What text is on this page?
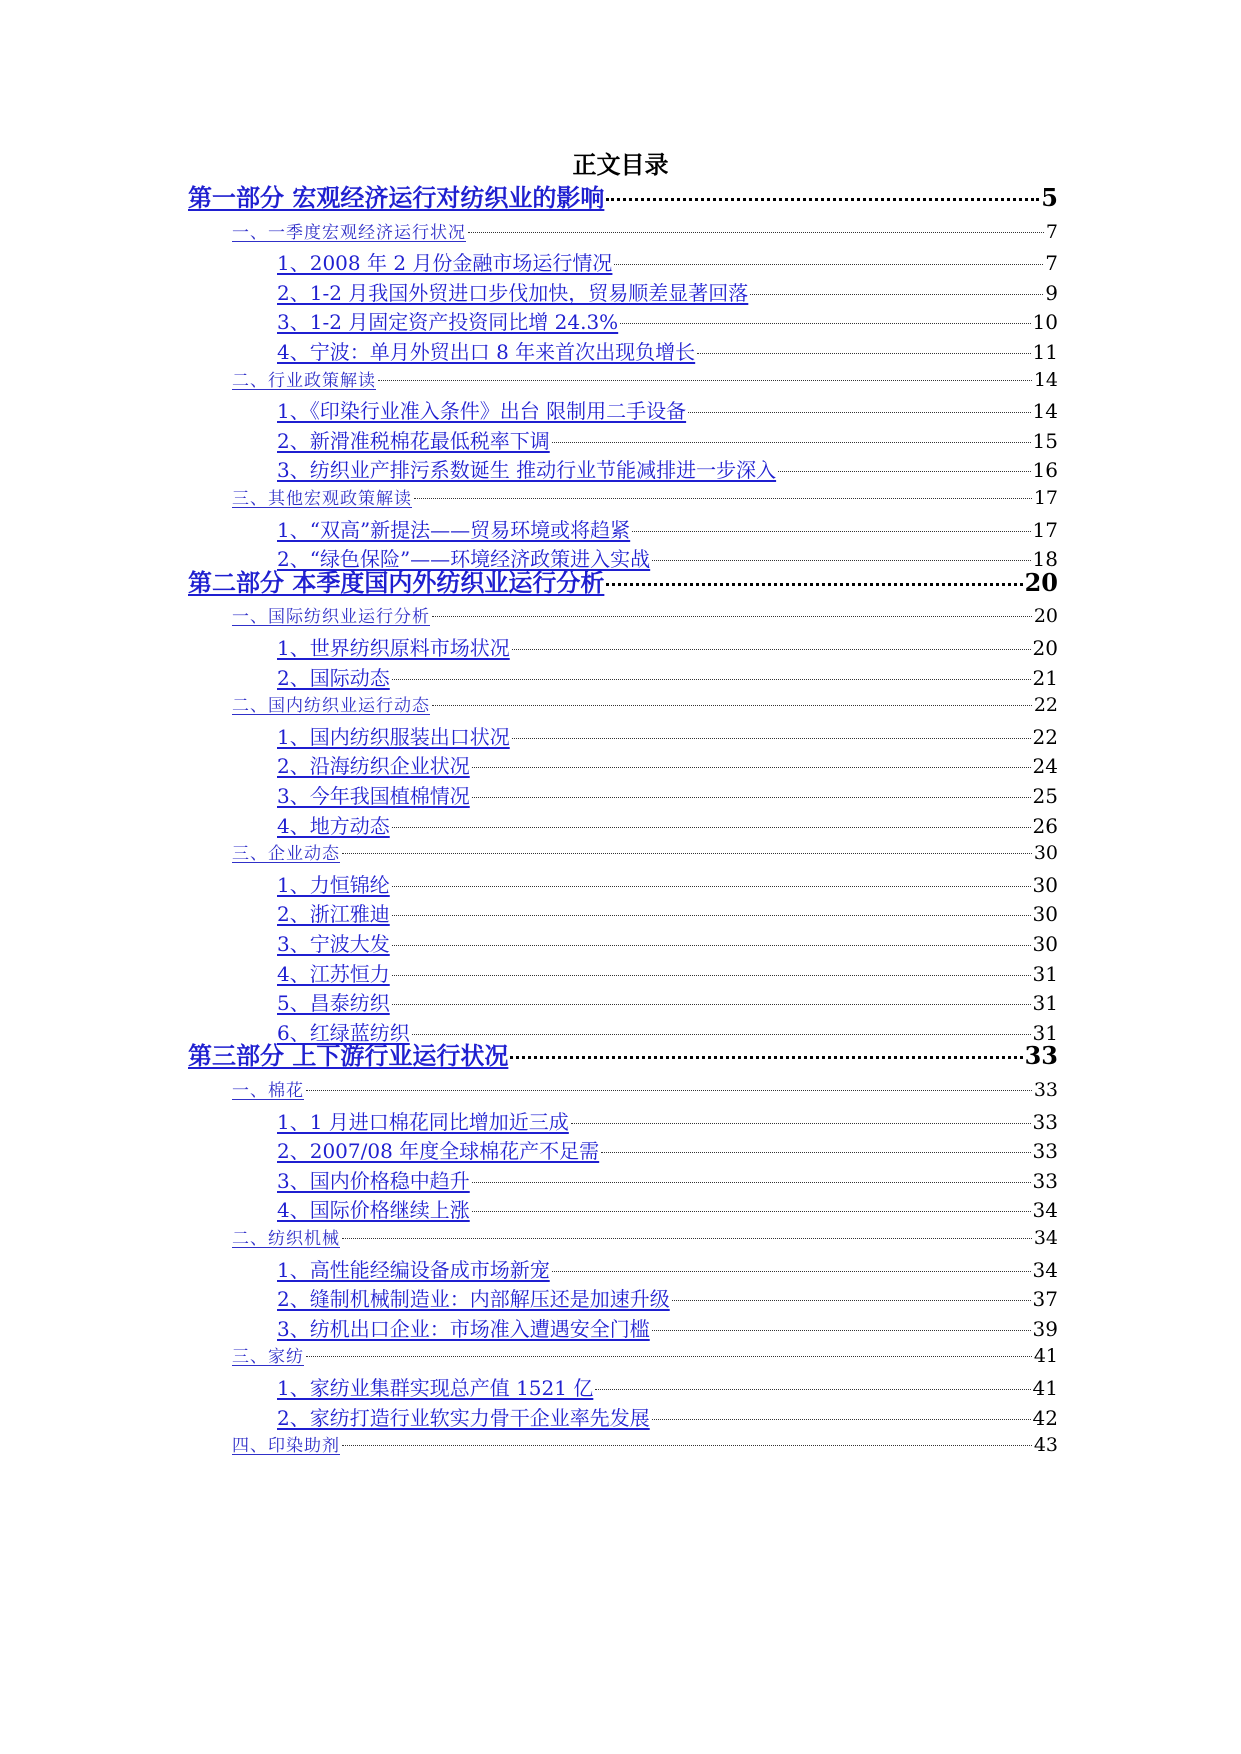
正文目录
第一部分 宏观经济运行对纺织业的影响	5
一、一季度宏观经济运行状况	7
1、2008 年 2 月份金融市场运行情况	7
2、1-2 月我国外贸进口步伐加快，贸易顺差显著回落	9
3、1-2 月固定资产投资同比增 24.3%	10
4、宁波：单月外贸出口 8 年来首次出现负增长	11
二、行业政策解读	14
1、《印染行业准入条件》出台 限制用二手设备	14
2、新滑准税棉花最低税率下调	15
3、纺织业产排污系数诞生 推动行业节能减排进一步深入	16
三、其他宏观政策解读	17
1、“双高”新提法——贸易环境或将趋紧	17
2、“绿色保险”——环境经济政策进入实战	18
第二部分 本季度国内外纺织业运行分析	20
一、国际纺织业运行分析	20
1、世界纺织原料市场状况	20
2、国际动态	21
二、国内纺织业运行动态	22
1、国内纺织服装出口状况	22
2、沿海纺织企业状况	24
3、今年我国植棉情况	25
4、地方动态	26
三、企业动态	30
1、力恒锦纶	30
2、浙江雅迪	30
3、宁波大发	30
4、江苏恒力	31
5、昌泰纺织	31
6、红绿蓝纺织	31
第三部分 上下游行业运行状况	33
一、棉花	33
1、1 月进口棉花同比增加近三成	33
2、2007/08 年度全球棉花产不足需	33
3、国内价格稳中趋升	33
4、国际价格继续上涨	34
二、纺织机械	34
1、高性能经编设备成市场新宠	34
2、缝制机械制造业：内部解压还是加速升级	37
3、纺机出口企业：市场准入遭遇安全门槛	39
三、家纺	41
1、家纺业集群实现总产值 1521 亿	41
2、家纺打造行业软实力骨干企业率先发展	42
四、印染助剂	43
